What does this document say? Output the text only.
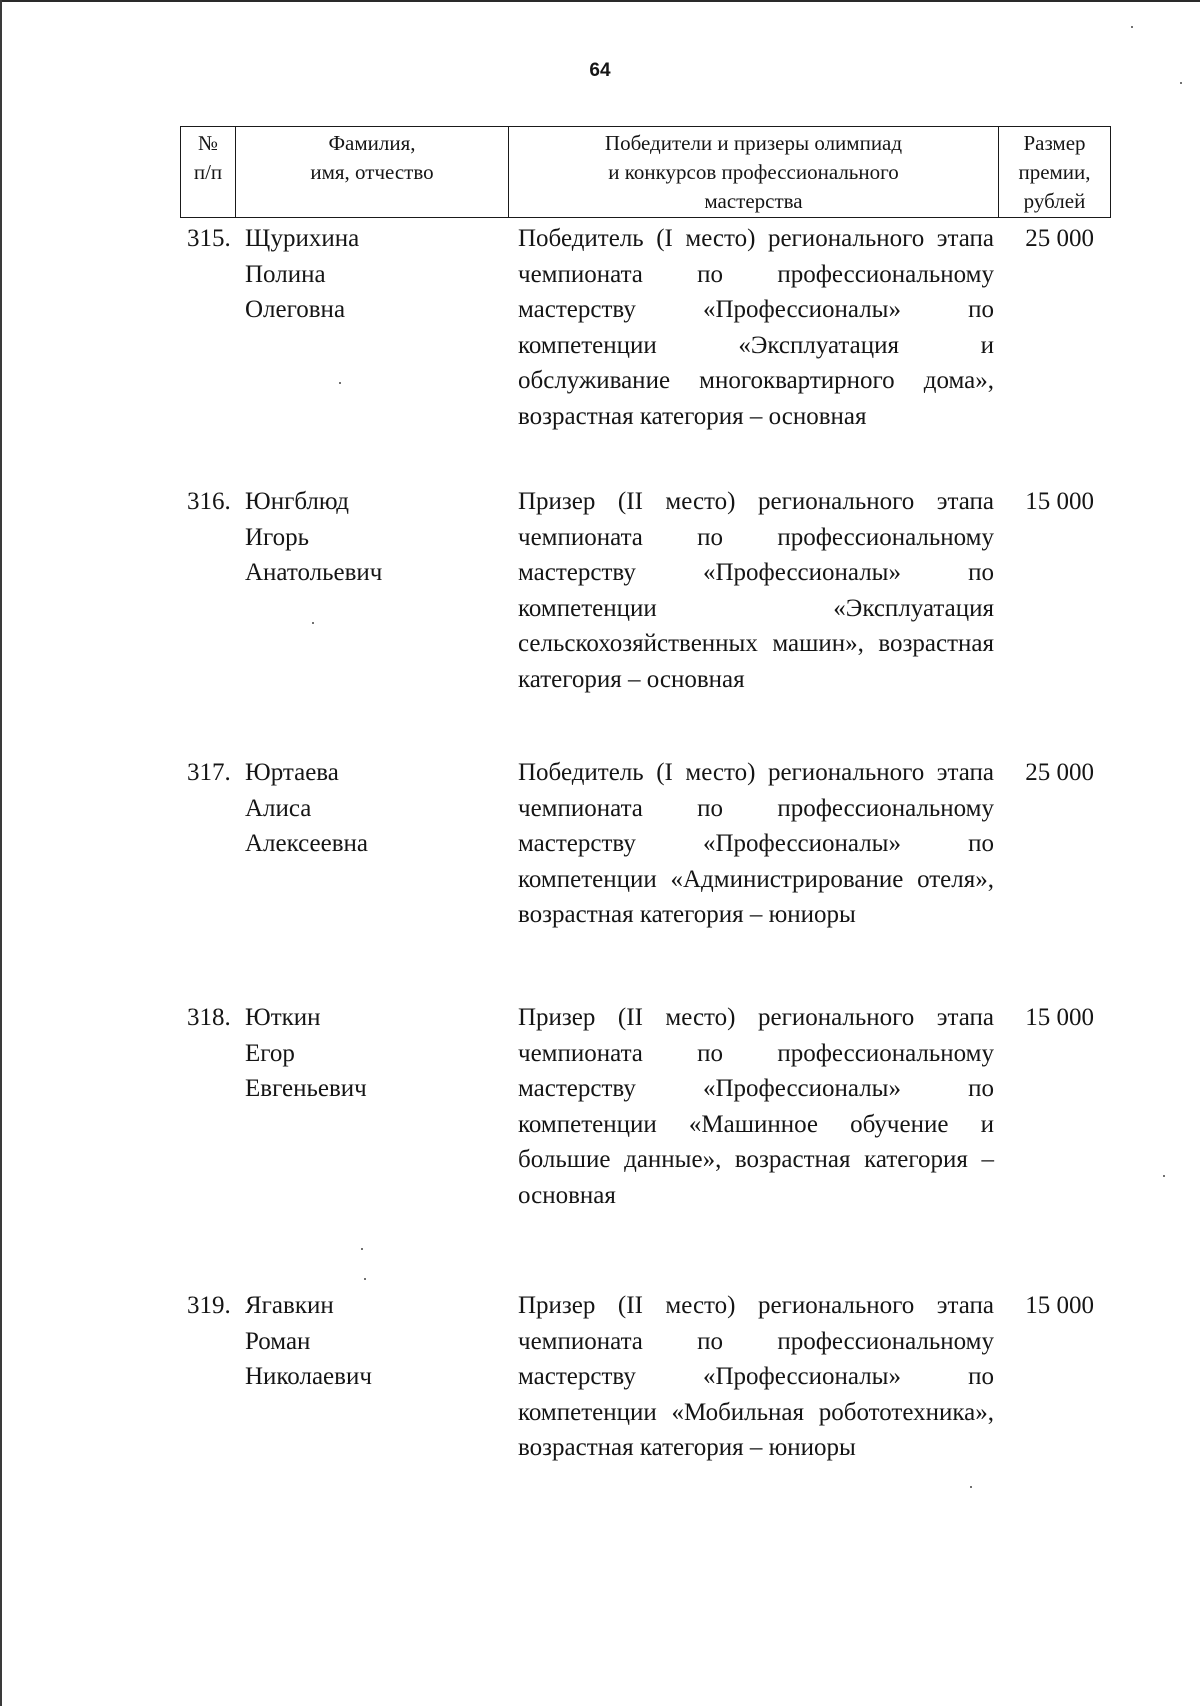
64
№
п/п
Фамилия,
имя, отчество
Победители и призеры олимпиад
и конкурсов профессионального
мастерства
Размер
премии,
рублей
315. Щурихина
Полина
Олеговна
Победитель (I место) регионального этапа чемпионата по профессиональному мастерству «Профессионалы» по компетенции «Эксплуатация и обслуживание многоквартирного дома», возрастная категория – основная
25 000
316. Юнгблюд
Игорь
Анатольевич
Призер (II место) регионального этапа чемпионата по профессиональному мастерству «Профессионалы» по компетенции «Эксплуатация сельскохозяйственных машин», возрастная категория – основная
15 000
317. Юртаева
Алиса
Алексеевна
Победитель (I место) регионального этапа чемпионата по профессиональному мастерству «Профессионалы» по компетенции «Администрирование отеля», возрастная категория – юниоры
25 000
318. Юткин
Егор
Евгеньевич
Призер (II место) регионального этапа чемпионата по профессиональному мастерству «Профессионалы» по компетенции «Машинное обучение и большие данные», возрастная категория – основная
15 000
319. Ягавкин
Роман
Николаевич
Призер (II место) регионального этапа чемпионата по профессиональному мастерству «Профессионалы» по компетенции «Мобильная робототехника», возрастная категория – юниоры
15 000
